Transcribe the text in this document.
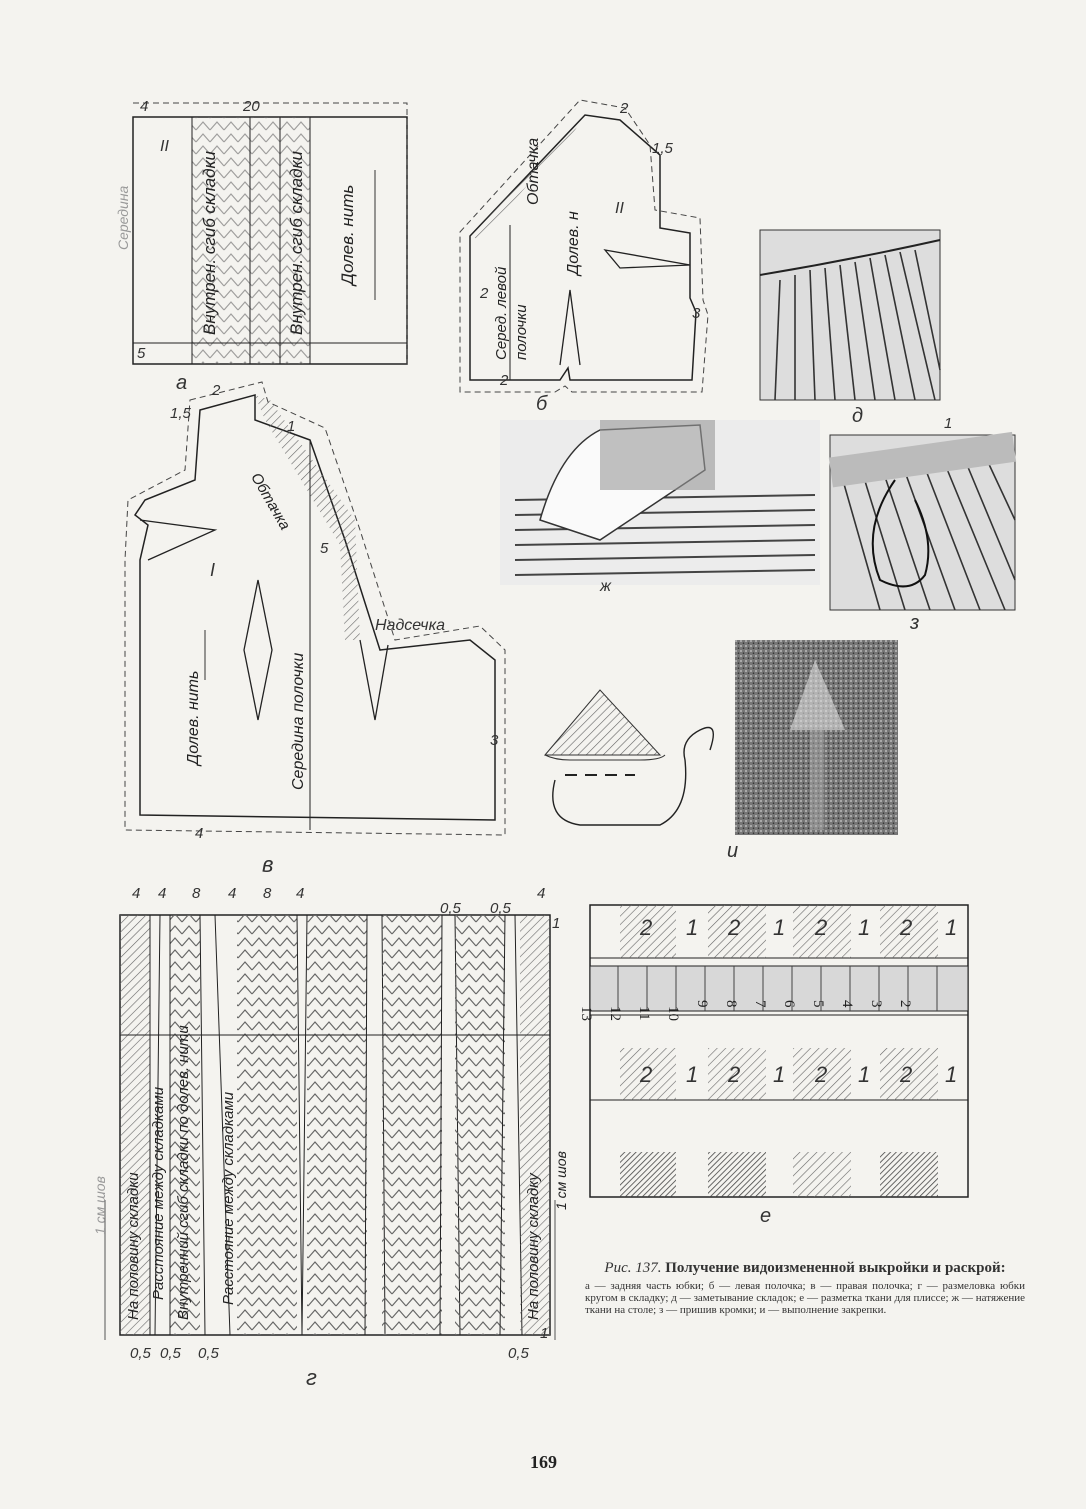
4	20
5
II
Внутрен. сгиб складки	Внутрен. сгиб складки Долев. нить
Середина
а
2
1,5
2
3
2
II
Обтачка
Серед. левой полочки
Долев. н
б
1,5
2
1
5
3
4
I
Обтачка
Надсечка
Долев. нить	Середина полочки
в
д
ж
1
з
и
4 4 8 4 8 4
0,5 0,5
4
0,5 0,5 0,5	0,5
1
1
1 см шов	1 см шов
На половину складки Расстояние между складками Внутренний сгиб складки по долев. нити Расстояние между складками	На половину складку
г
2 1 2 1 2 1 2 1
13 12 11 10
9 8 7 6 5 4 3 2
2 1 2 1 2 1 2 1
е
Рис. 137. Получение видоизмененной выкройки и раскрой:
а — задняя часть юбки; б — левая полочка; в — правая полочка; г — размеловка юбки кругом в складку; д — заметывание складок; е — разметка ткани для плиссе; ж — натяжение ткани на столе; з — пришив кромки; и — выполнение закрепки.
169
